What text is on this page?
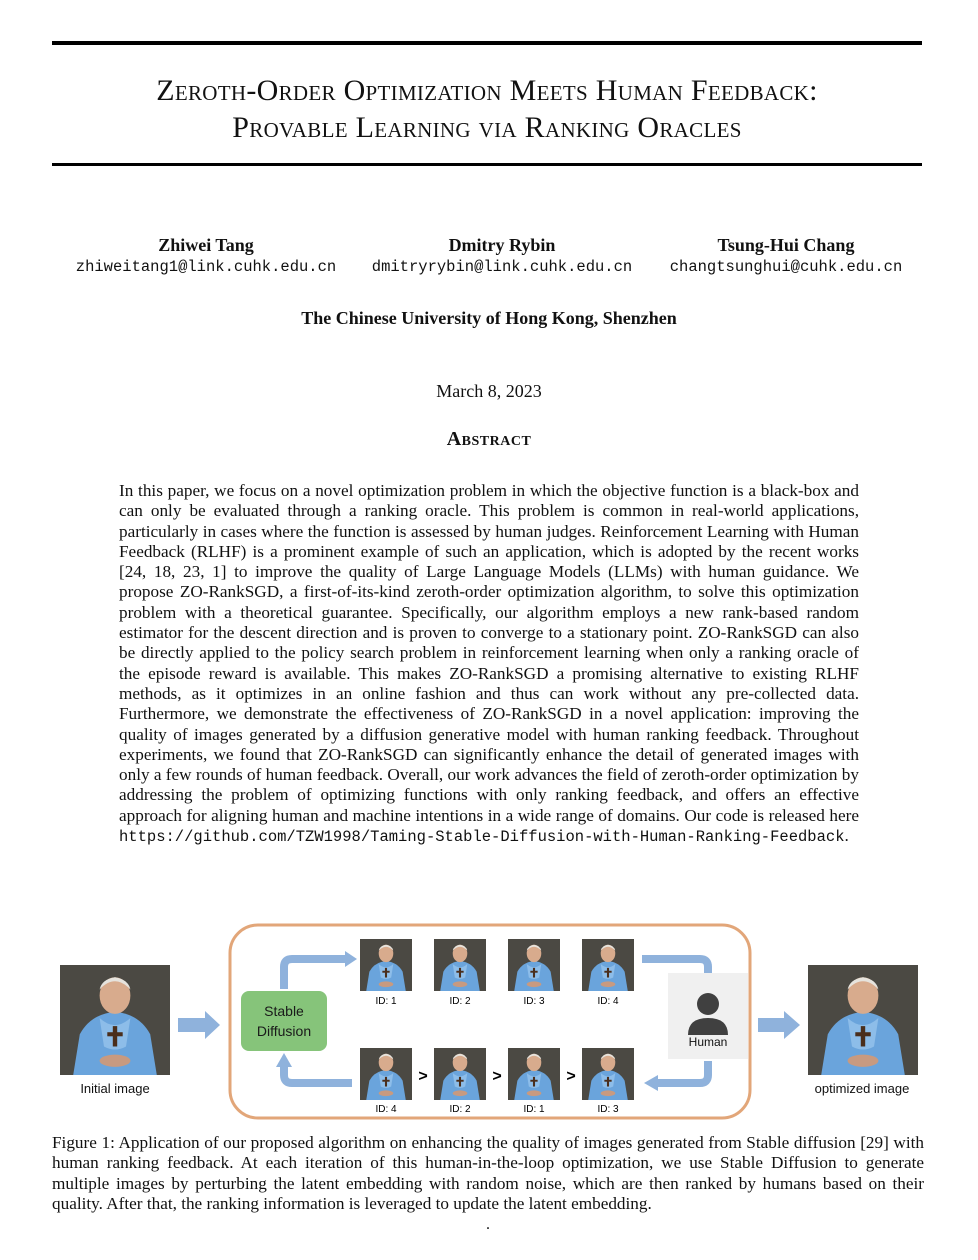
Zeroth-Order Optimization Meets Human Feedback:
Provable Learning via Ranking Oracles
Zhiwei Tang
zhiweitang1@link.cuhk.edu.cn
Dmitry Rybin
dmitryrybin@link.cuhk.edu.cn
Tsung-Hui Chang
changtsunghui@cuhk.edu.cn
The Chinese University of Hong Kong, Shenzhen
March 8, 2023
Abstract
In this paper, we focus on a novel optimization problem in which the objective function is a black-box and can only be evaluated through a ranking oracle. This problem is common in real-world applications, particularly in cases where the function is assessed by human judges. Reinforcement Learning with Human Feedback (RLHF) is a prominent example of such an application, which is adopted by the recent works [24, 18, 23, 1] to improve the quality of Large Language Models (LLMs) with human guidance. We propose ZO-RankSGD, a first-of-its-kind zeroth-order optimization algorithm, to solve this optimization problem with a theoretical guarantee. Specifically, our algorithm employs a new rank-based random estimator for the descent direction and is proven to converge to a stationary point. ZO-RankSGD can also be directly applied to the policy search problem in reinforcement learning when only a ranking oracle of the episode reward is available. This makes ZO-RankSGD a promising alternative to existing RLHF methods, as it optimizes in an online fashion and thus can work without any pre-collected data. Furthermore, we demonstrate the effectiveness of ZO-RankSGD in a novel application: improving the quality of images generated by a diffusion generative model with human ranking feedback. Throughout experiments, we found that ZO-RankSGD can significantly enhance the detail of generated images with only a few rounds of human feedback. Overall, our work advances the field of zeroth-order optimization by addressing the problem of optimizing functions with only ranking feedback, and offers an effective approach for aligning human and machine intentions in a wide range of domains. Our code is released here https://github.com/TZW1998/Taming-Stable-Diffusion-with-Human-Ranking-Feedback.
Initial image
Stable
Diffusion
ID: 1	ID: 2	ID: 3	ID: 4
ID: 4	ID: 2	ID: 1	ID: 3
>	>	>
Human
optimized image
Figure 1: Application of our proposed algorithm on enhancing the quality of images generated from Stable diffusion [29] with human ranking feedback. At each iteration of this human-in-the-loop optimization, we use Stable Diffusion to generate multiple images by perturbing the latent embedding with random noise, which are then ranked by humans based on their quality. After that, the ranking information is leveraged to update the latent embedding.
.
